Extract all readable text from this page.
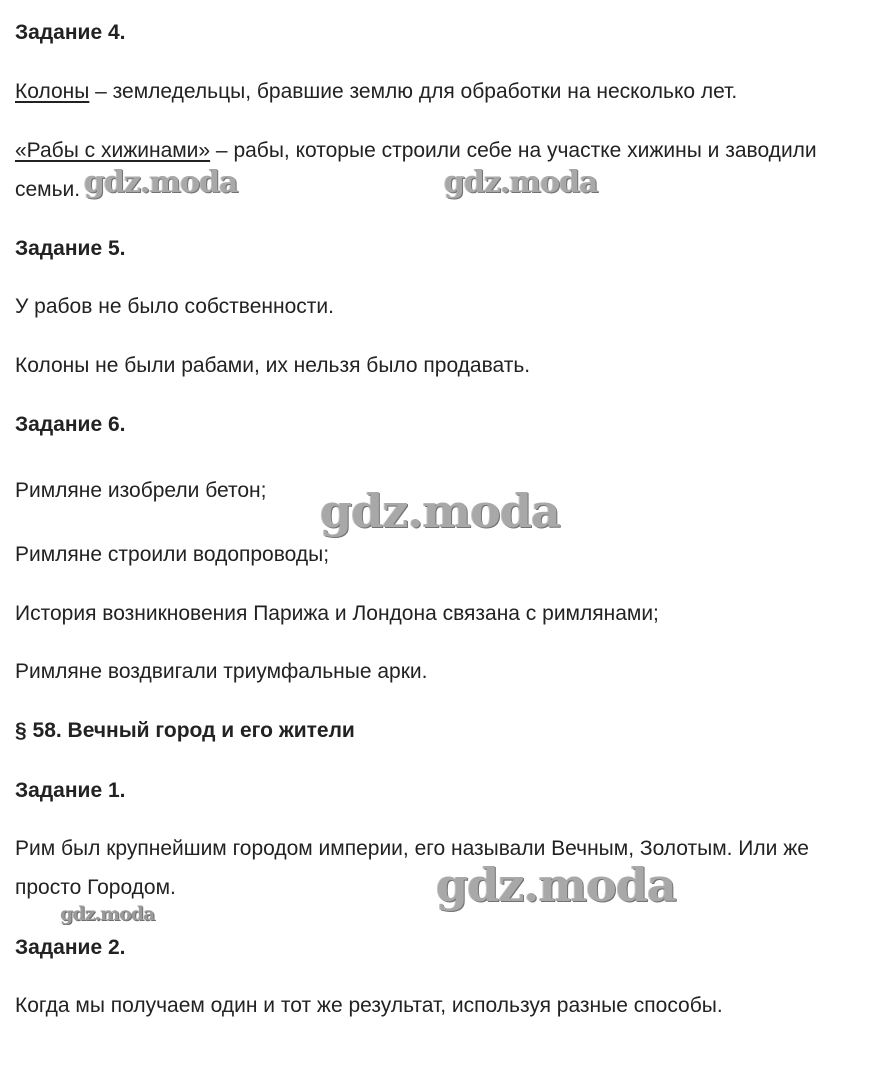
Задание 4.
Колоны – земледельцы, бравшие землю для обработки на несколько лет.
«Рабы с хижинами» – рабы, которые строили себе на участке хижины и заводили
семьи.
Задание 5.
У рабов не было собственности.
Колоны не были рабами, их нельзя было продавать.
Задание 6.
Римляне изобрели бетон;
Римляне строили водопроводы;
История возникновения Парижа и Лондона связана с римлянами;
Римляне воздвигали триумфальные арки.
§ 58. Вечный город и его жители
Задание 1.
Рим был крупнейшим городом империи, его называли Вечным, Золотым. Или же
просто Городом.
Задание 2.
Когда мы получаем один и тот же результат, используя разные способы.
gdz.moda	gdz.moda
gdz.moda
gdz.moda
gdz.moda
